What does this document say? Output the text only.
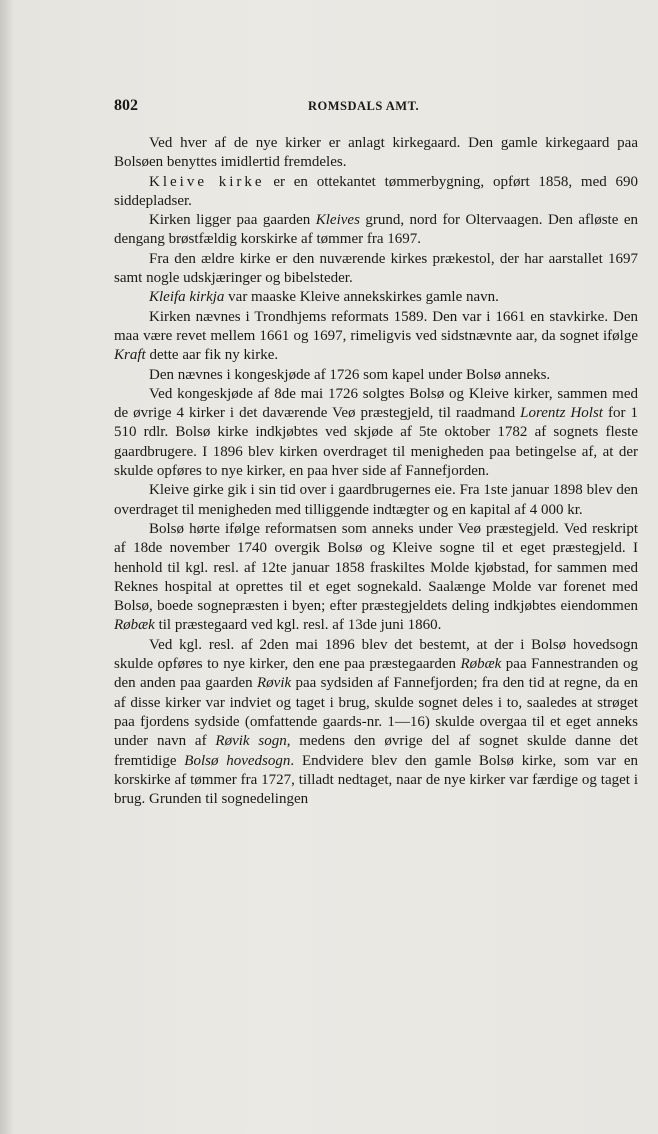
802	ROMSDALS AMT.

Ved hver af de nye kirker er anlagt kirkegaard. Den gamle kirkegaard paa Bolsøen benyttes imidlertid fremdeles.

Kleive kirke er en ottekantet tømmerbygning, opført 1858, med 690 siddepladser.

Kirken ligger paa gaarden Kleives grund, nord for Oltervaagen. Den afløste en dengang brøstfældig korskirke af tømmer fra 1697.

Fra den ældre kirke er den nuværende kirkes prækestol, der har aarstallet 1697 samt nogle udskjæringer og bibelsteder.

Kleifa kirkja var maaske Kleive annekskirkes gamle navn.

Kirken nævnes i Trondhjems reformats 1589. Den var i 1661 en stavkirke. Den maa være revet mellem 1661 og 1697, rimeligvis ved sidstnævnte aar, da sognet ifølge Kraft dette aar fik ny kirke.

Den nævnes i kongeskjøde af 1726 som kapel under Bolsø anneks.

Ved kongeskjøde af 8de mai 1726 solgtes Bolsø og Kleive kirker, sammen med de øvrige 4 kirker i det daværende Veø præstegjeld, til raadmand Lorentz Holst for 1 510 rdlr. Bolsø kirke indkjøbtes ved skjøde af 5te oktober 1782 af sognets fleste gaardbrugere. I 1896 blev kirken overdraget til menigheden paa betingelse af, at der skulde opføres to nye kirker, en paa hver side af Fannefjorden.

Kleive girke gik i sin tid over i gaardbrugernes eie. Fra 1ste januar 1898 blev den overdraget til menigheden med tilliggende indtægter og en kapital af 4 000 kr.

Bolsø hørte ifølge reformatsen som anneks under Veø præstegjeld. Ved reskript af 18de november 1740 overgik Bolsø og Kleive sogne til et eget præstegjeld. I henhold til kgl. resl. af 12te januar 1858 fraskiltes Molde kjøbstad, for sammen med Reknes hospital at oprettes til et eget sognekald. Saalænge Molde var forenet med Bolsø, boede sognepræsten i byen; efter præstegjeldets deling indkjøbtes eiendommen Røbæk til præstegaard ved kgl. resl. af 13de juni 1860.

Ved kgl. resl. af 2den mai 1896 blev det bestemt, at der i Bolsø hovedsogn skulde opføres to nye kirker, den ene paa præstegaarden Røbæk paa Fannestranden og den anden paa gaarden Røvik paa sydsiden af Fannefjorden; fra den tid at regne, da en af disse kirker var indviet og taget i brug, skulde sognet deles i to, saaledes at strøget paa fjordens sydside (omfattende gaards-nr. 1—16) skulde overgaa til et eget anneks under navn af Røvik sogn, medens den øvrige del af sognet skulde danne det fremtidige Bolsø hovedsogn. Endvidere blev den gamle Bolsø kirke, som var en korskirke af tømmer fra 1727, tilladt nedtaget, naar de nye kirker var færdige og taget i brug. Grunden til sognedelingen
